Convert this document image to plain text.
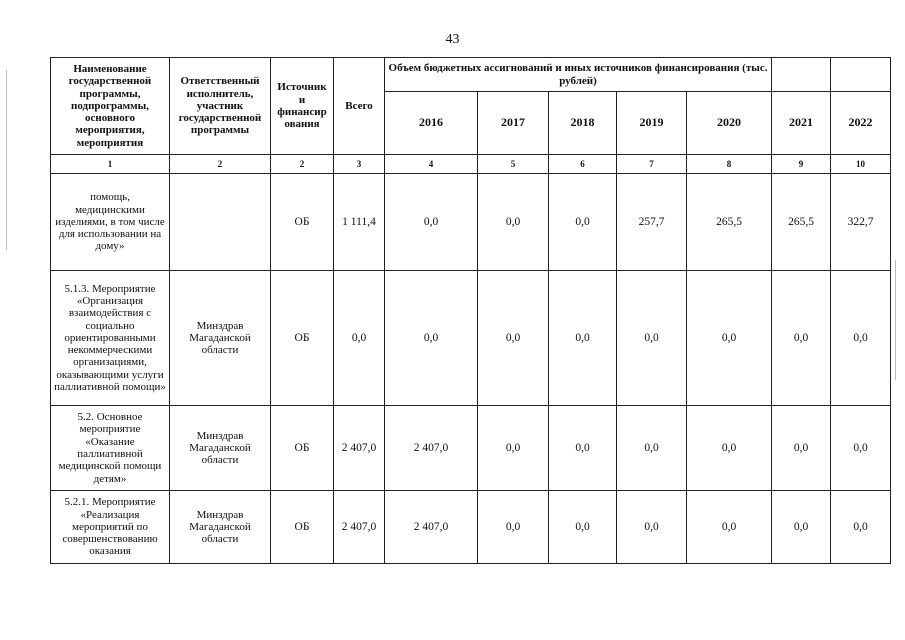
43
Наименование государственной программы, подпрограммы, основного мероприятия, мероприятия	Ответственный исполнитель, участник государственной программы	Источник и финансир ования	Всего	Объем бюджетных ассигнований и иных источников финансирования (тыс. рублей)						
				2016	2017	2018	2019	2020	2021	2022
1	2	2	3	4	5	6	7	8	9	10
помощь, медицинскими изделиями, в том числе для использовании на дому»		ОБ	1 111,4	0,0	0,0	0,0	257,7	265,5	265,5	322,7
5.1.3. Мероприятие «Организация взаимодействия с социально ориентированными некоммерческими организациями, оказывающими услуги паллиативной помощи»	Минздрав Магаданской области	ОБ	0,0	0,0	0,0	0,0	0,0	0,0	0,0	0,0
5.2. Основное мероприятие «Оказание паллиативной медицинской помощи детям»	Минздрав Магаданской области	ОБ	2 407,0	2 407,0	0,0	0,0	0,0	0,0	0,0	0,0
5.2.1. Мероприятие «Реализация мероприятий по совершенствованию оказания	Минздрав Магаданской области	ОБ	2 407,0	2 407,0	0,0	0,0	0,0	0,0	0,0	0,0
